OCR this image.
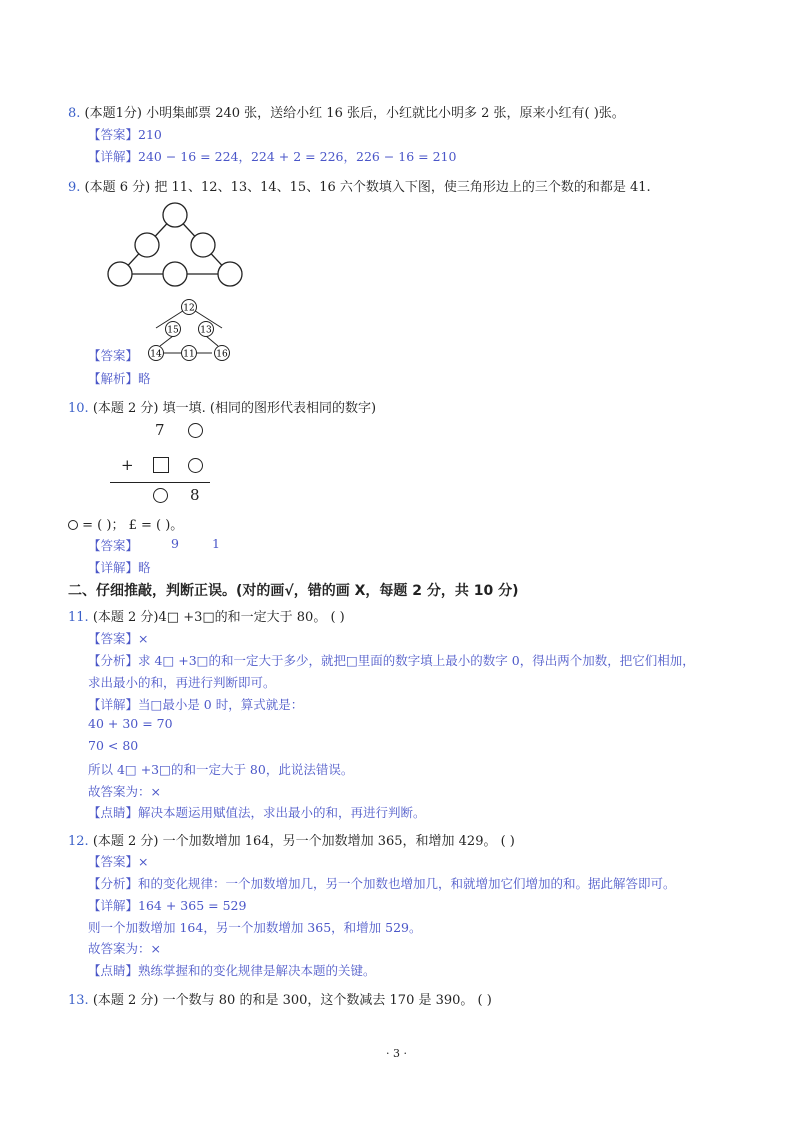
8. (本题1分) 小明集邮票 240 张，送给小红 16 张后，小红就比小明多 2 张，原来小红有( )张。
【答案】210
【详解】240 − 16 = 224，224 + 2 = 226，226 − 16 = 210
9. (本题 6 分) 把 11、12、13、14、15、16 六个数填入下图，使三角形边上的三个数的和都是 41.
【答案】
12
15 13
14 11 16
【解析】略
10. (本题 2 分) 填一填. (相同的图形代表相同的数字)
7
+
8
= ( )； £ = ( )。
【答案】	9	1
【详解】略
二、仔细推敲，判断正误。(对的画√，错的画 X，每题 2 分，共 10 分)
11. (本题 2 分)4□ +3□的和一定大于 80。 ( )
【答案】×
【分析】求 4□ +3□的和一定大于多少，就把□里面的数字填上最小的数字 0，得出两个加数，把它们相加，
求出最小的和，再进行判断即可。
【详解】当□最小是 0 时，算式就是：
40 + 30 = 70
70 < 80
所以 4□ +3□的和一定大于 80，此说法错误。
故答案为：×
【点睛】解决本题运用赋值法，求出最小的和，再进行判断。
12. (本题 2 分) 一个加数增加 164，另一个加数增加 365，和增加 429。 ( )
【答案】×
【分析】和的变化规律：一个加数增加几，另一个加数也增加几，和就增加它们增加的和。据此解答即可。
【详解】164 + 365 = 529
则一个加数增加 164，另一个加数增加 365，和增加 529。
故答案为：×
【点睛】熟练掌握和的变化规律是解决本题的关键。
13. (本题 2 分) 一个数与 80 的和是 300，这个数减去 170 是 390。 ( )
· 3 ·
